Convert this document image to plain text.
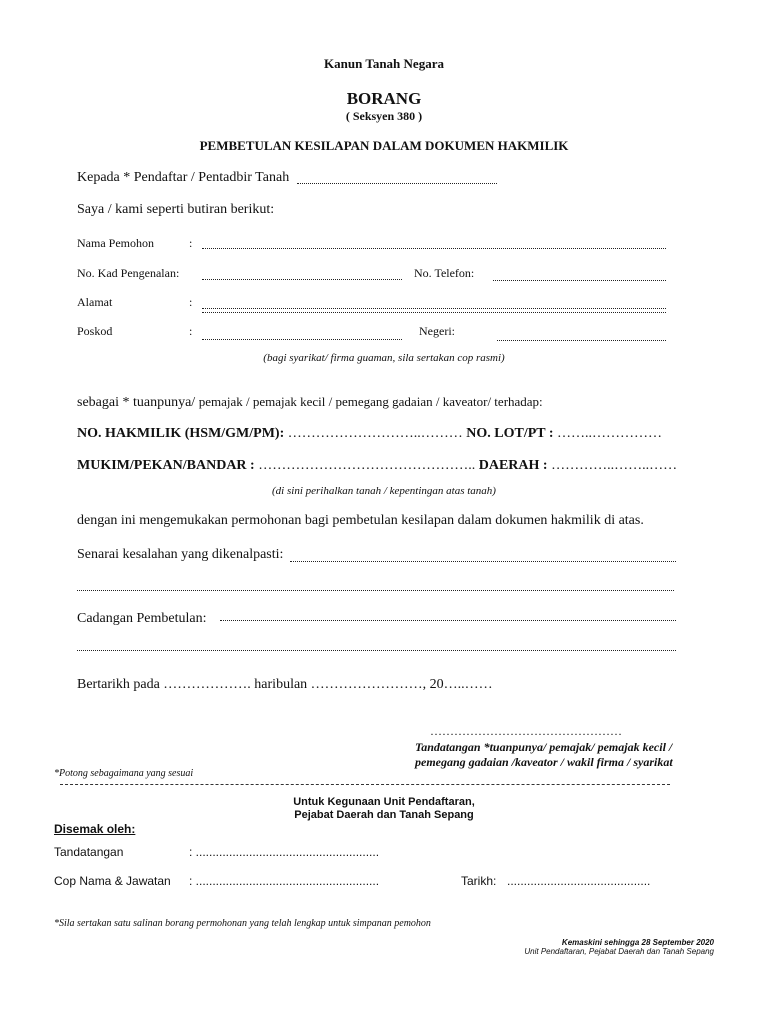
Kanun Tanah Negara
BORANG
( Seksyen 380 )
PEMBETULAN KESILAPAN DALAM DOKUMEN HAKMILIK
Kepada * Pendaftar / Pentadbir Tanah
Saya / kami seperti butiran berikut:
Nama Pemohon	:
No. Kad Pengenalan:	No. Telefon:
Alamat	:
Poskod	:	Negeri:
(bagi syarikat/ firma guaman, sila sertakan cop rasmi)
sebagai * tuanpunya/ pemajak / pemajak kecil / pemegang gadaian / kaveator/ terhadap:
NO. HAKMILIK (HSM/GM/PM): ………………………..……… NO. LOT/PT : ……..……………
MUKIM/PEKAN/BANDAR : ……………………………………….. DAERAH : …………..……..……
(di sini perihalkan tanah / kepentingan atas tanah)
dengan ini mengemukakan permohonan bagi pembetulan kesilapan dalam dokumen hakmilik di atas.
Senarai kesalahan yang dikenalpasti:
Cadangan Pembetulan:
Bertarikh pada ………………. haribulan ……………………, 20…..……
…………………………………………
Tandatangan *tuanpunya/ pemajak/ pemajak kecil /
pemegang gadaian /kaveator / wakil firma / syarikat
*Potong sebagaimana yang sesuai
Untuk Kegunaan Unit Pendaftaran,
Pejabat Daerah dan Tanah Sepang
Disemak oleh:
Tandatangan	: .......................................................
Cop Nama & Jawatan : .......................................................	Tarikh: ...........................................
*Sila sertakan satu salinan borang permohonan yang telah lengkap untuk simpanan pemohon
Kemaskini sehingga 28 September 2020
Unit Pendaftaran, Pejabat Daerah dan Tanah Sepang
